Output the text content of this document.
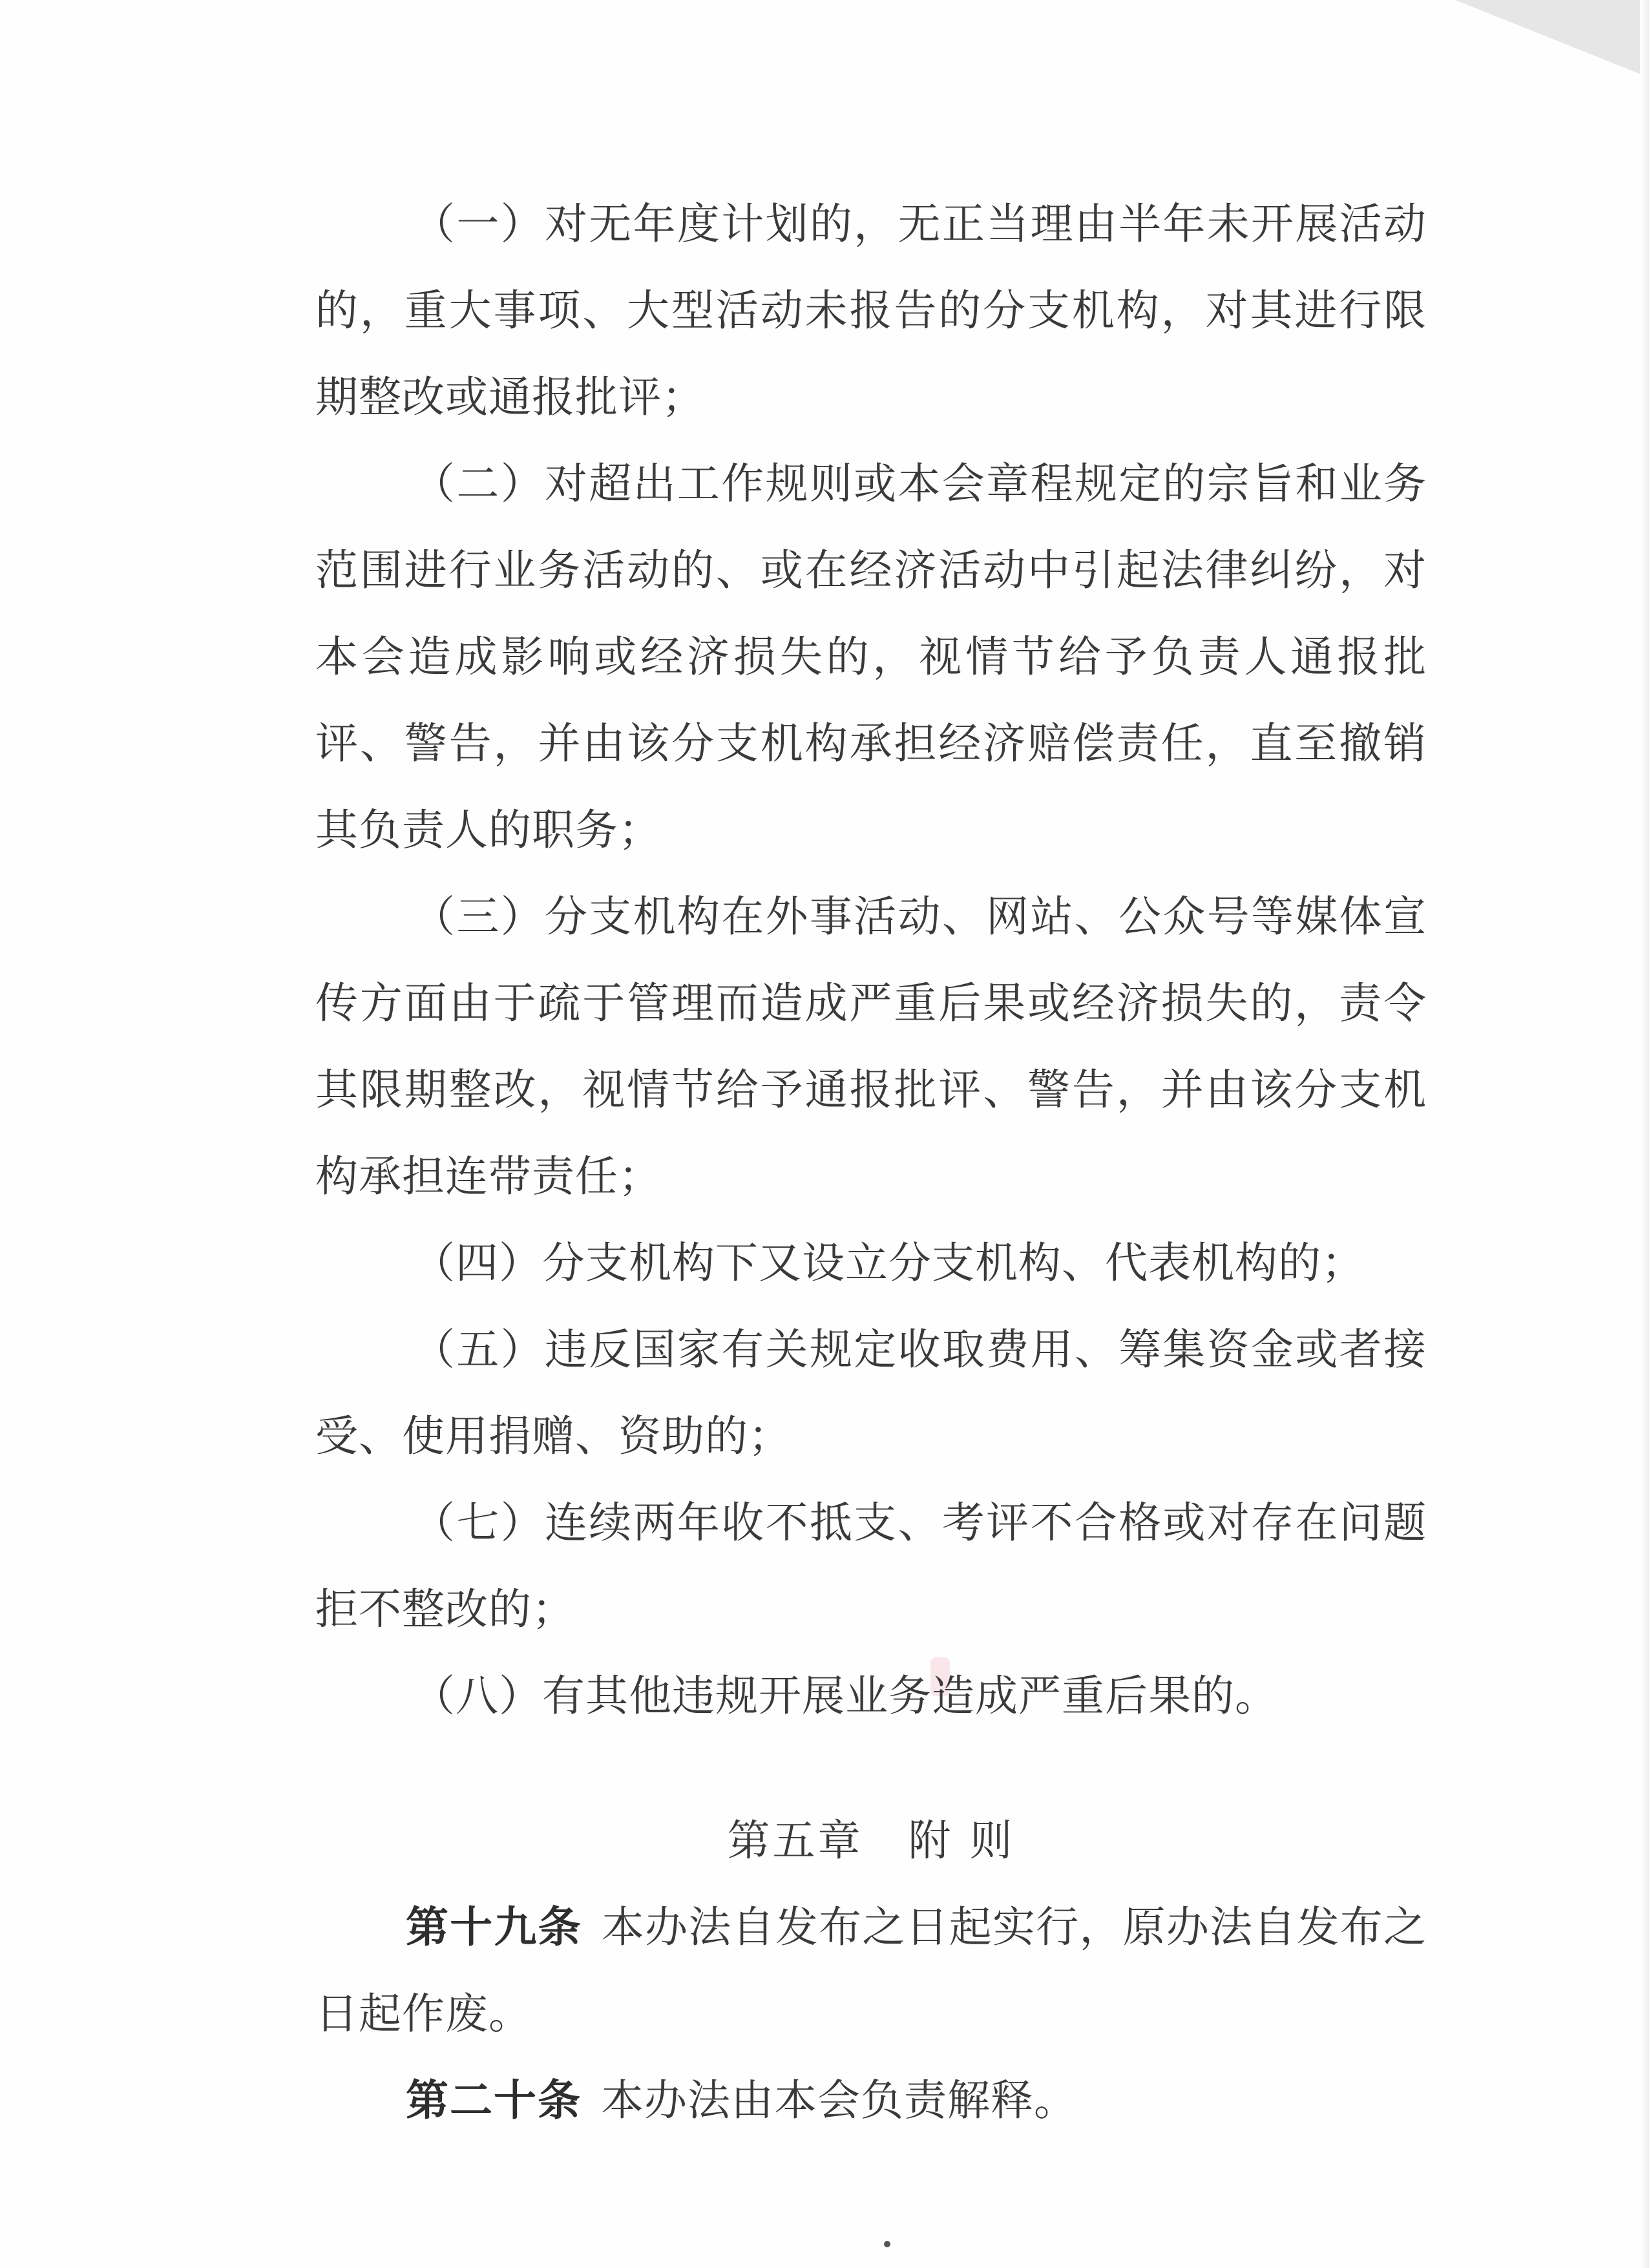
（一）对无年度计划的，无正当理由半年未开展活动的，重大事项、大型活动未报告的分支机构，对其进行限期整改或通报批评；

（二）对超出工作规则或本会章程规定的宗旨和业务范围进行业务活动的、或在经济活动中引起法律纠纷，对本会造成影响或经济损失的，视情节给予负责人通报批评、警告，并由该分支机构承担经济赔偿责任，直至撤销其负责人的职务；

（三）分支机构在外事活动、网站、公众号等媒体宣传方面由于疏于管理而造成严重后果或经济损失的，责令其限期整改，视情节给予通报批评、警告，并由该分支机构承担连带责任；

（四）分支机构下又设立分支机构、代表机构的；

（五）违反国家有关规定收取费用、筹集资金或者接受、使用捐赠、资助的；

（七）连续两年收不抵支、考评不合格或对存在问题拒不整改的；

（八）有其他违规开展业务造成严重后果的。

第五章　附 则

第十九条 本办法自发布之日起实行，原办法自发布之日起作废。

第二十条 本办法由本会负责解释。
